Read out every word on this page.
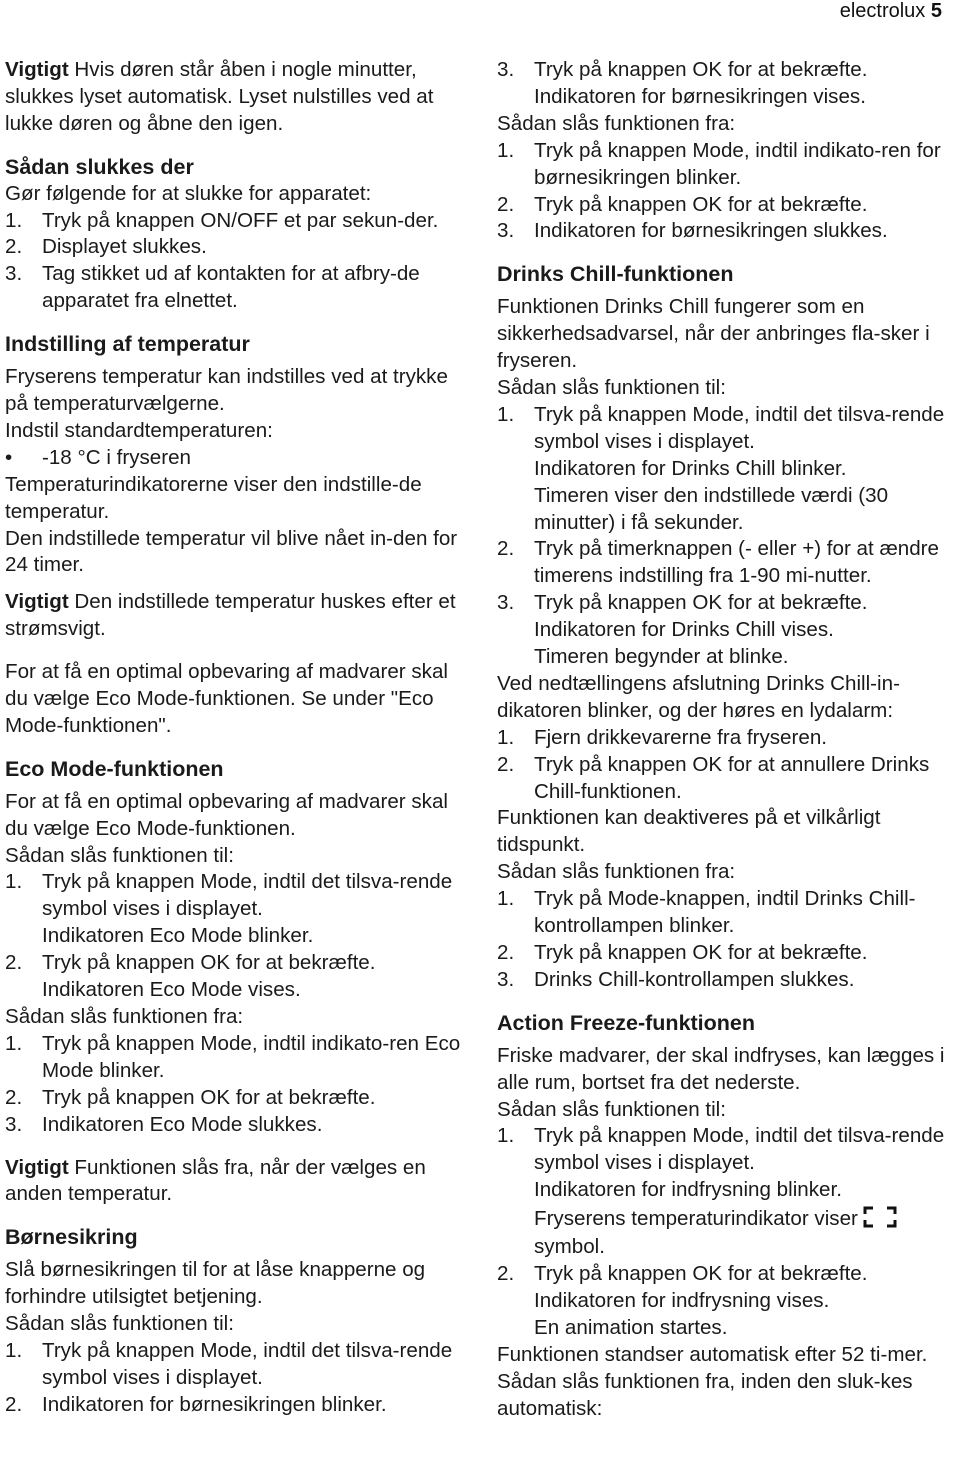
electrolux 5

Vigtigt Hvis døren står åben i nogle minutter, slukkes lyset automatisk. Lyset nulstilles ved at lukke døren og åbne den igen.

Sådan slukkes der

Gør følgende for at slukke for apparatet:

1. Tryk på knappen ON/OFF et par sekun-der.

2. Displayet slukkes.

3. Tag stikket ud af kontakten for at afbry-de apparatet fra elnettet.

Indstilling af temperatur

Fryserens temperatur kan indstilles ved at trykke på temperaturvælgerne.

Indstil standardtemperaturen:

• -18 °C i fryseren

Temperaturindikatorerne viser den indstille-de temperatur.

Den indstillede temperatur vil blive nået in-den for 24 timer.

Vigtigt Den indstillede temperatur huskes efter et strømsvigt.

For at få en optimal opbevaring af madvarer skal du vælge Eco Mode-funktionen. Se under "Eco Mode-funktionen".

Eco Mode-funktionen

For at få en optimal opbevaring af madvarer skal du vælge Eco Mode-funktionen.

Sådan slås funktionen til:

1. Tryk på knappen Mode, indtil det tilsva-rende symbol vises i displayet.

Indikatoren Eco Mode blinker.

2. Tryk på knappen OK for at bekræfte.

Indikatoren Eco Mode vises.

Sådan slås funktionen fra:

1. Tryk på knappen Mode, indtil indikato-ren Eco Mode blinker.

2. Tryk på knappen OK for at bekræfte.

3. Indikatoren Eco Mode slukkes.

Vigtigt Funktionen slås fra, når der vælges en anden temperatur.

Børnesikring

Slå børnesikringen til for at låse knapperne og forhindre utilsigtet betjening.

Sådan slås funktionen til:

1. Tryk på knappen Mode, indtil det tilsva-rende symbol vises i displayet.

2. Indikatoren for børnesikringen blinker.

3. Tryk på knappen OK for at bekræfte.

Indikatoren for børnesikringen vises.

Sådan slås funktionen fra:

1. Tryk på knappen Mode, indtil indikato-ren for børnesikringen blinker.

2. Tryk på knappen OK for at bekræfte.

3. Indikatoren for børnesikringen slukkes.

Drinks Chill-funktionen

Funktionen Drinks Chill fungerer som en sikkerhedsadvarsel, når der anbringes fla-sker i fryseren.

Sådan slås funktionen til:

1. Tryk på knappen Mode, indtil det tilsva-rende symbol vises i displayet.

Indikatoren for Drinks Chill blinker.

Timeren viser den indstillede værdi (30 minutter) i få sekunder.

2. Tryk på timerknappen (- eller +) for at ændre timerens indstilling fra 1-90 mi-nutter.

3. Tryk på knappen OK for at bekræfte.

Indikatoren for Drinks Chill vises.

Timeren begynder at blinke.

Ved nedtællingens afslutning Drinks Chill-in-dikatoren blinker, og der høres en lydalarm:

1. Fjern drikkevarerne fra fryseren.

2. Tryk på knappen OK for at annullere Drinks Chill-funktionen.

Funktionen kan deaktiveres på et vilkårligt tidspunkt.

Sådan slås funktionen fra:

1. Tryk på Mode-knappen, indtil Drinks Chill-kontrollampen blinker.

2. Tryk på knappen OK for at bekræfte.

3. Drinks Chill-kontrollampen slukkes.

Action Freeze-funktionen

Friske madvarer, der skal indfryses, kan lægges i alle rum, bortset fra det nederste.

Sådan slås funktionen til:

1. Tryk på knappen Mode, indtil det tilsva-rende symbol vises i displayet.

Indikatoren for indfrysning blinker.

Fryserens temperaturindikator viser

symbol.

2. Tryk på knappen OK for at bekræfte.

Indikatoren for indfrysning vises.

En animation startes.

Funktionen standser automatisk efter 52 ti-mer.

Sådan slås funktionen fra, inden den sluk-kes automatisk:
